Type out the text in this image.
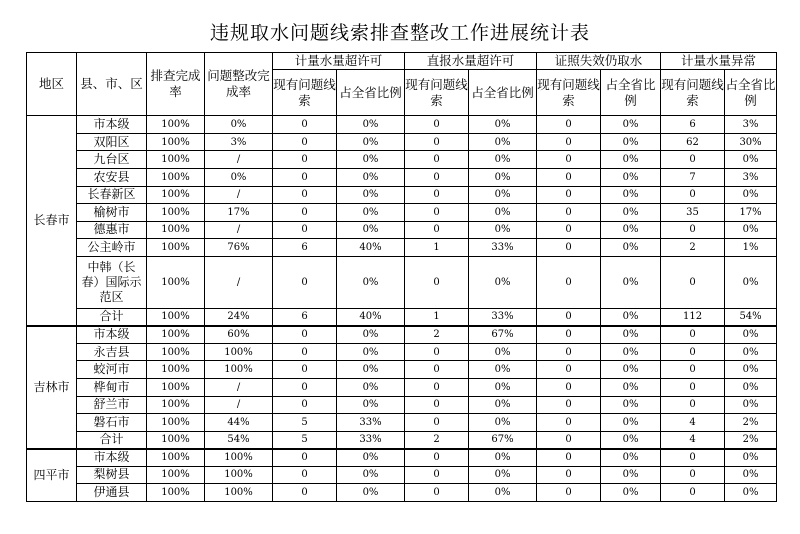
违规取水问题线索排查整改工作进展统计表
地区	县、市、区	排查完成率	问题整改完成率	计量水量超许可		直报水量超许可		证照失效仍取水		计量水量异常	
				现有问题线索	占全省比例	现有问题线索	占全省比例	现有问题线索	占全省比例	现有问题线索	占全省比例
长春市	市本级	100%	0%	0	0%	0	0%	0	0%	6	3%
	双阳区	100%	3%	0	0%	0	0%	0	0%	62	30%
	九台区	100%	/	0	0%	0	0%	0	0%	0	0%
	农安县	100%	0%	0	0%	0	0%	0	0%	7	3%
	长春新区	100%	/	0	0%	0	0%	0	0%	0	0%
	榆树市	100%	17%	0	0%	0	0%	0	0%	35	17%
	德惠市	100%	/	0	0%	0	0%	0	0%	0	0%
	公主岭市	100%	76%	6	40%	1	33%	0	0%	2	1%
	中韩（长春）国际示范区	100%	/	0	0%	0	0%	0	0%	0	0%
	合计	100%	24%	6	40%	1	33%	0	0%	112	54%
吉林市	市本级	100%	60%	0	0%	2	67%	0	0%	0	0%
	永吉县	100%	100%	0	0%	0	0%	0	0%	0	0%
	蛟河市	100%	100%	0	0%	0	0%	0	0%	0	0%
	桦甸市	100%	/	0	0%	0	0%	0	0%	0	0%
	舒兰市	100%	/	0	0%	0	0%	0	0%	0	0%
	磐石市	100%	44%	5	33%	0	0%	0	0%	4	2%
	合计	100%	54%	5	33%	2	67%	0	0%	4	2%
四平市	市本级	100%	100%	0	0%	0	0%	0	0%	0	0%
	梨树县	100%	100%	0	0%	0	0%	0	0%	0	0%
	伊通县	100%	100%	0	0%	0	0%	0	0%	0	0%
